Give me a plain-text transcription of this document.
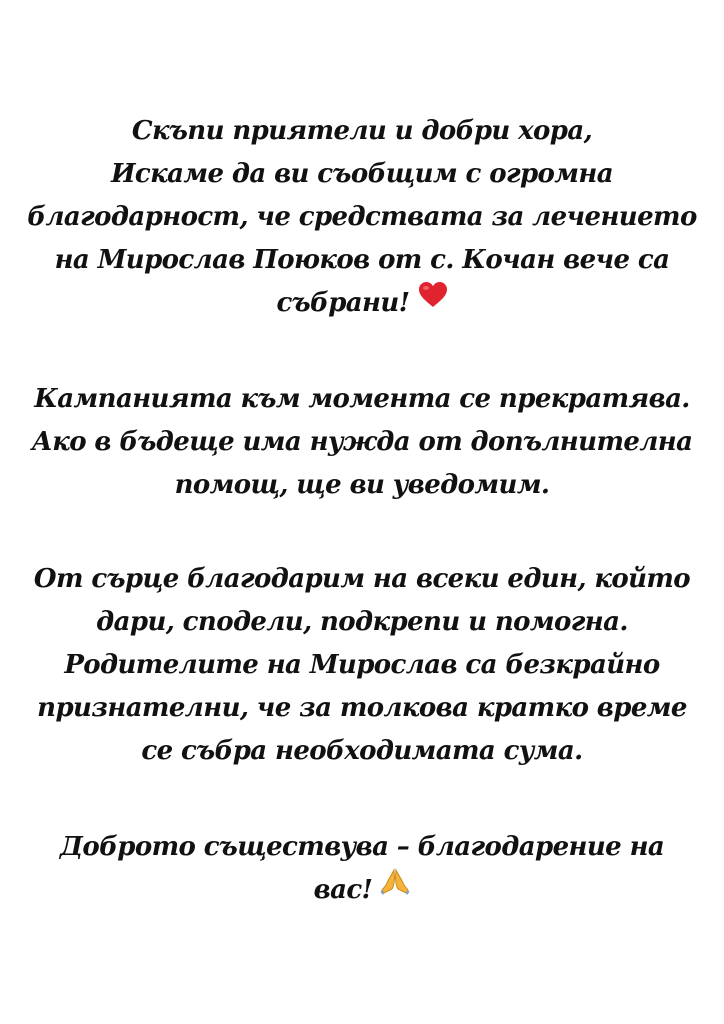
Скъпи приятели и добри хора,
Искаме да ви съобщим с огромна
благодарност, че средствата за лечението
на Мирослав Поюков от с. Кочан вече са
събрани!
Кампанията към момента се прекратява.
Ако в бъдеще има нужда от допълнителна
помощ, ще ви уведомим.
От сърце благодарим на всеки един, който
дари, сподели, подкрепи и помогна.
Родителите на Мирослав са безкрайно
признателни, че за толкова кратко време
се събра необходимата сума.
Доброто съществува – благодарение на
вас!
